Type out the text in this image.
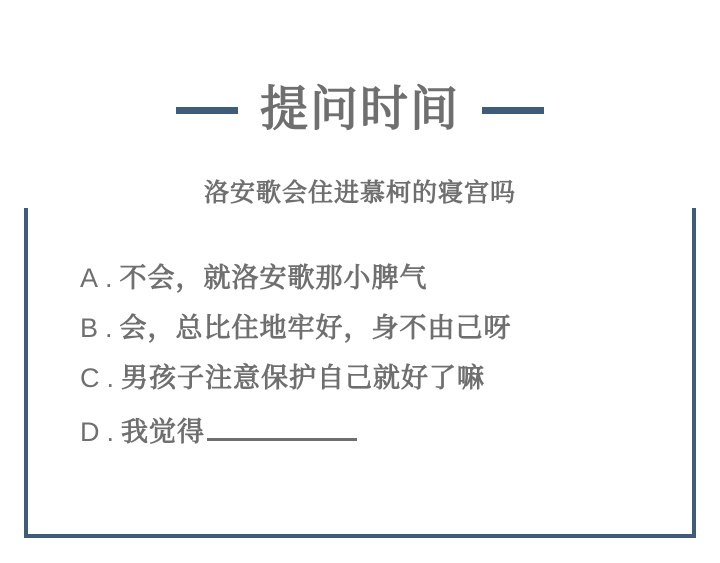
提问时间
洛安歌会住进慕柯的寝宫吗
A . 不会，就洛安歌那小脾气
B . 会，总比住地牢好，身不由己呀
C . 男孩子注意保护自己就好了嘛
D . 我觉得
